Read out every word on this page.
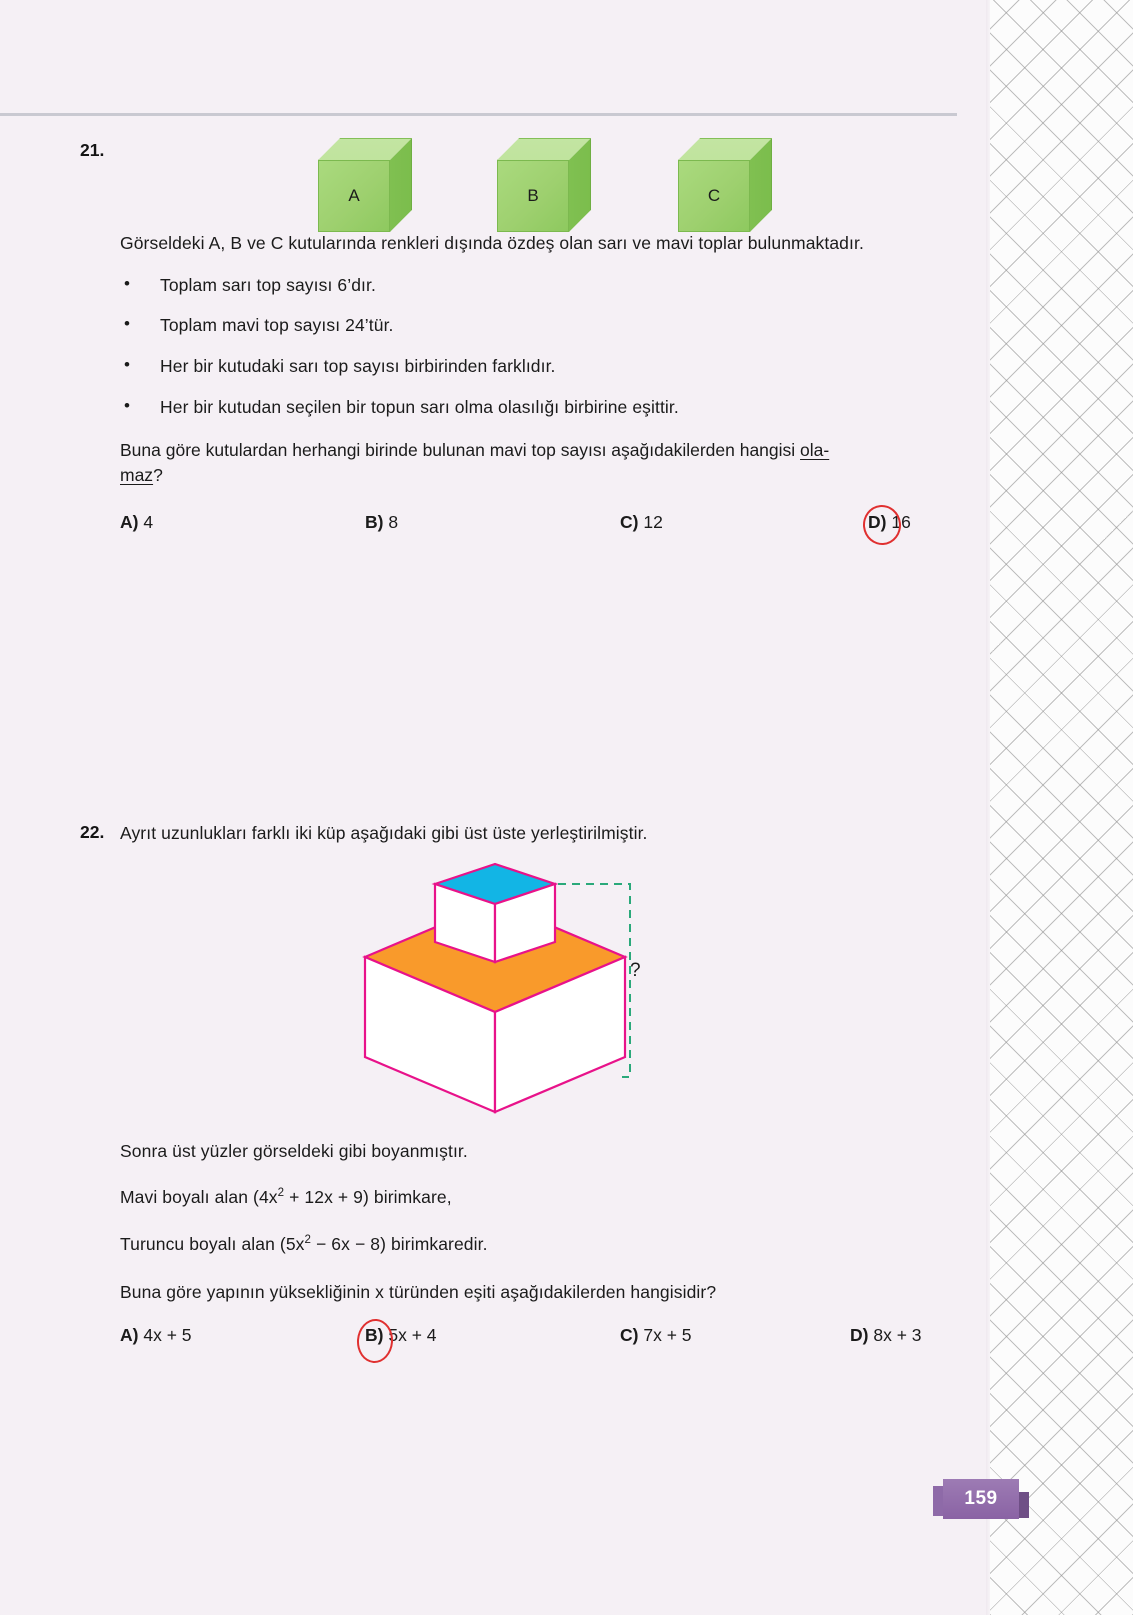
21.
A	B	C
Görseldeki A, B ve C kutularında renkleri dışında özdeş olan sarı ve mavi toplar bulunmaktadır.
• Toplam sarı top sayısı 6’dır.
• Toplam mavi top sayısı 24’tür.
• Her bir kutudaki sarı top sayısı birbirinden farklıdır.
• Her bir kutudan seçilen bir topun sarı olma olasılığı birbirine eşittir.
Buna göre kutulardan herhangi birinde bulunan mavi top sayısı aşağıdakilerden hangisi ola-
maz?
A) 4	B) 8	C) 12	D) 16
22. Ayrıt uzunlukları farklı iki küp aşağıdaki gibi üst üste yerleştirilmiştir.
?
Sonra üst yüzler görseldeki gibi boyanmıştır.
Mavi boyalı alan $(4x^2 + 12x + 9)$ birimkare,
Turuncu boyalı alan $(5x^2 - 6x - 8)$ birimkaredir.
Buna göre yapının yüksekliğinin x türünden eşiti aşağıdakilerden hangisidir?
A) 4x + 5	B) 5x + 4	C) 7x + 5	D) 8x + 3
159
